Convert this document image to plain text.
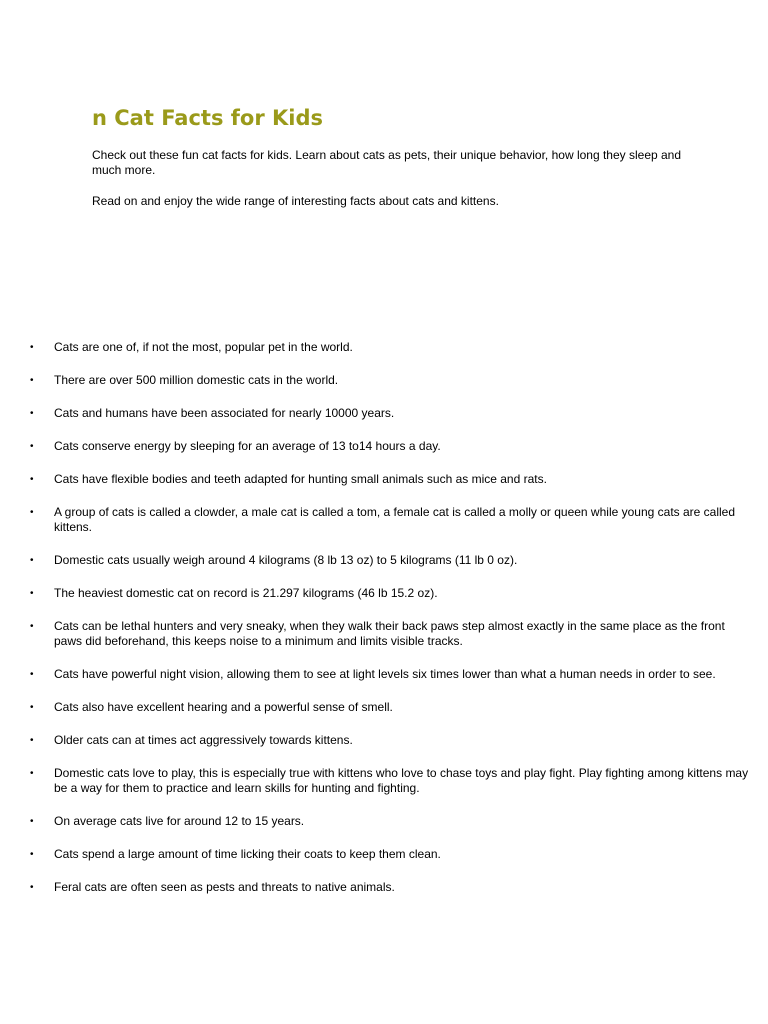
n Cat Facts for Kids

Check out these fun cat facts for kids. Learn about cats as pets, their unique behavior, how long they sleep and much more.

Read on and enjoy the wide range of interesting facts about cats and kittens.

• Cats are one of, if not the most, popular pet in the world.
• There are over 500 million domestic cats in the world.
• Cats and humans have been associated for nearly 10000 years.
• Cats conserve energy by sleeping for an average of 13 to14 hours a day.
• Cats have flexible bodies and teeth adapted for hunting small animals such as mice and rats.
• A group of cats is called a clowder, a male cat is called a tom, a female cat is called a molly or queen while young cats are called kittens.
• Domestic cats usually weigh around 4 kilograms (8 lb 13 oz) to 5 kilograms (11 lb 0 oz).
• The heaviest domestic cat on record is 21.297 kilograms (46 lb 15.2 oz).
• Cats can be lethal hunters and very sneaky, when they walk their back paws step almost exactly in the same place as the front paws did beforehand, this keeps noise to a minimum and limits visible tracks.
• Cats have powerful night vision, allowing them to see at light levels six times lower than what a human needs in order to see.
• Cats also have excellent hearing and a powerful sense of smell.
• Older cats can at times act aggressively towards kittens.
• Domestic cats love to play, this is especially true with kittens who love to chase toys and play fight. Play fighting among kittens may be a way for them to practice and learn skills for hunting and fighting.
• On average cats live for around 12 to 15 years.
• Cats spend a large amount of time licking their coats to keep them clean.
• Feral cats are often seen as pests and threats to native animals.
